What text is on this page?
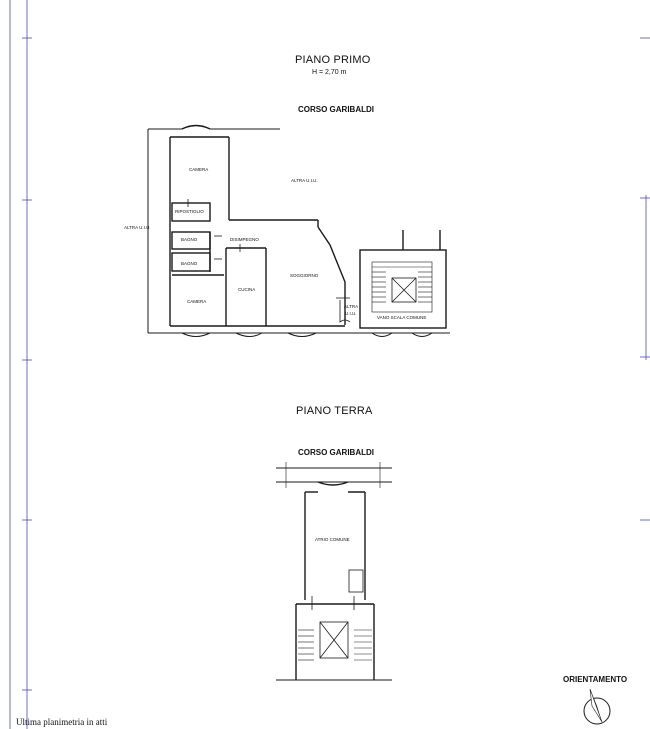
PIANO PRIMO
H = 2,70 m
CORSO GARIBALDI
CAMERA
ALTRA U.I.U.
RIPOSTIGLIO
ALTRA U.I.U.
BAGNO	DISIMPEGNO
BAGNO
SOGGIORNO
CUCINA
CAMERA
ALTRA
U.I.U.
VANO SCALA COMUNE
PIANO TERRA
CORSO GARIBALDI
ATRIO COMUNE
ORIENTAMENTO
Ultima planimetria in atti
